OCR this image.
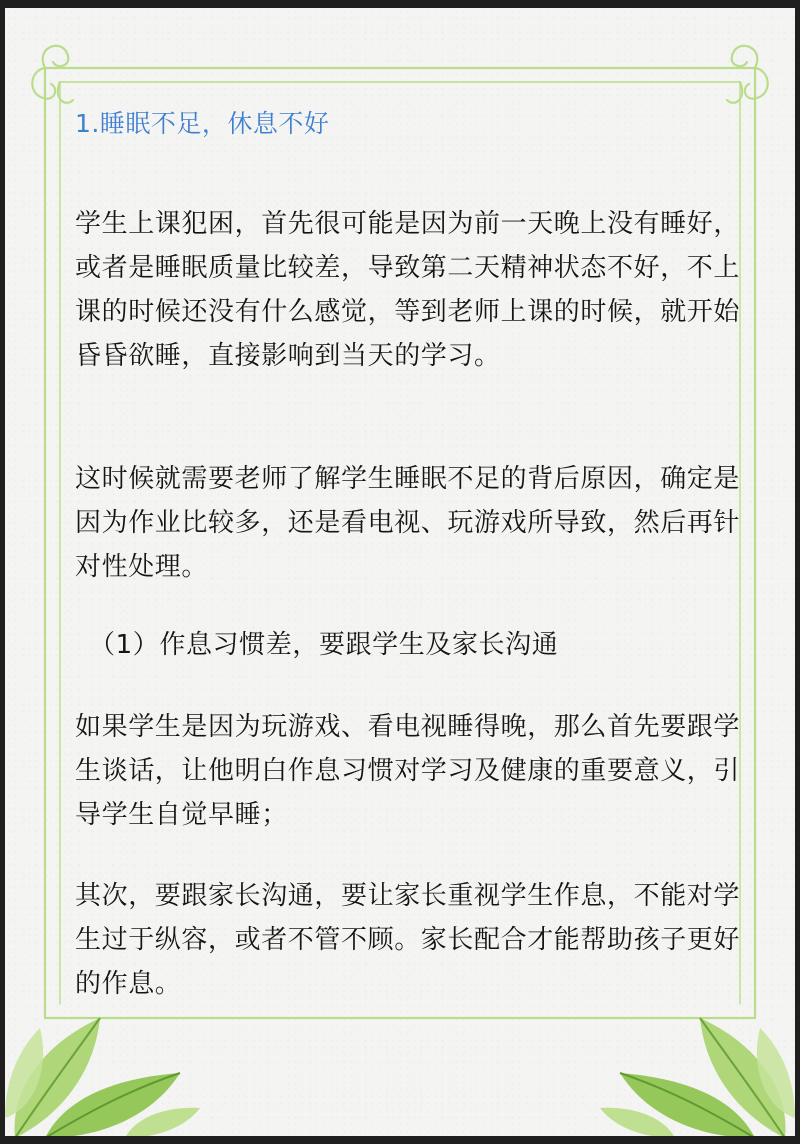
1.睡眠不足，休息不好

学生上课犯困，首先很可能是因为前一天晚上没有睡好，或者是睡眠质量比较差，导致第二天精神状态不好，不上课的时候还没有什么感觉，等到老师上课的时候，就开始昏昏欲睡，直接影响到当天的学习。

这时候就需要老师了解学生睡眠不足的背后原因，确定是因为作业比较多，还是看电视、玩游戏所导致，然后再针对性处理。

（1）作息习惯差，要跟学生及家长沟通

如果学生是因为玩游戏、看电视睡得晚，那么首先要跟学生谈话，让他明白作息习惯对学习及健康的重要意义，引导学生自觉早睡；

其次，要跟家长沟通，要让家长重视学生作息，不能对学生过于纵容，或者不管不顾。家长配合才能帮助孩子更好的作息。
